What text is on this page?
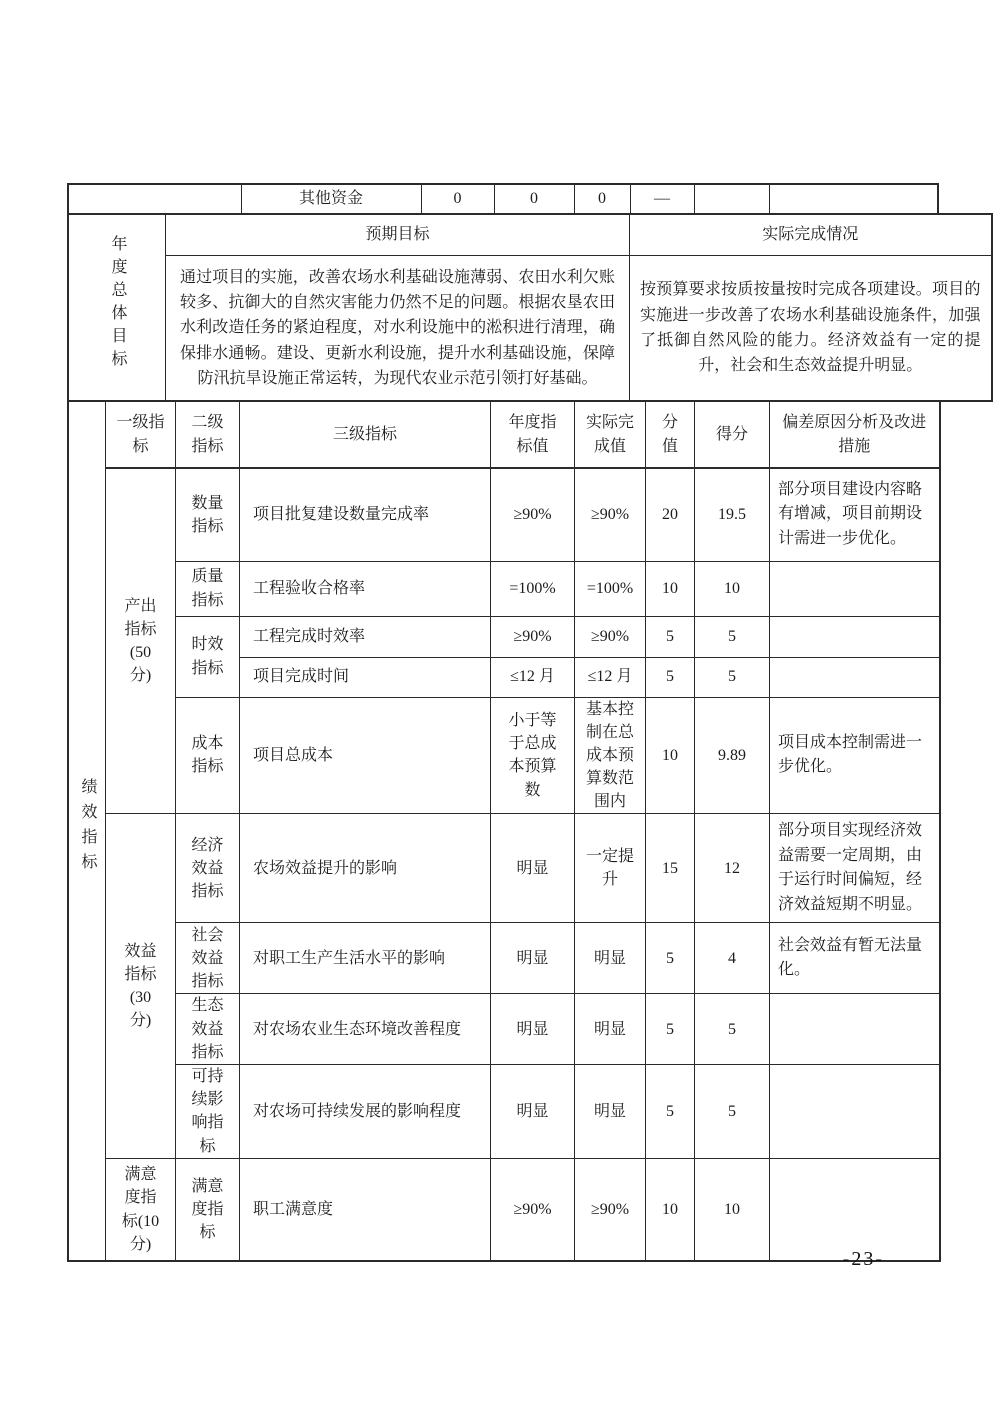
	其他资金	0	0	0	—		
年度总体目标	预期目标	实际完成情况
	通过项目的实施，改善农场水利基础设施薄弱、农田水利欠账较多、抗御大的自然灾害能力仍然不足的问题。根据农垦农田水利改造任务的紧迫程度，对水利设施中的淞积进行清理，确保排水通畅。建设、更新水利设施，提升水利基础设施，保障防汛抗旱设施正常运转，为现代农业示范引领打好基础。	按预算要求按质按量按时完成各项建设。项目的实施进一步改善了农场水利基础设施条件，加强了抵御自然风险的能力。经济效益有一定的提升，社会和生态效益提升明显。
绩效指标	一级指标	二级指标	三级指标	年度指标值	实际完成值	分值	得分	偏差原因分析及改进措施
	产出指标(50分)	数量指标	项目批复建设数量完成率	≥90%	≥90%	20	19.5	部分项目建设内容略有增减，项目前期设计需进一步优化。
		质量指标	工程验收合格率	=100%	=100%	10	10	
		时效指标	工程完成时效率	≥90%	≥90%	5	5	
			项目完成时间	≤12 月	≤12 月	5	5	
		成本指标	项目总成本	小于等于总成本预算数	基本控制在总成本预算数范围内	10	9.89	项目成本控制需进一步优化。
	效益指标(30分)	经济效益指标	农场效益提升的影响	明显	一定提升	15	12	部分项目实现经济效益需要一定周期，由于运行时间偏短，经济效益短期不明显。
		社会效益指标	对职工生产生活水平的影响	明显	明显	5	4	社会效益有暂无法量化。
		生态效益指标	对农场农业生态环境改善程度	明显	明显	5	5	
		可持续影响指标	对农场可持续发展的影响程度	明显	明显	5	5	
	满意度指标(10分)	满意度指标	职工满意度	≥90%	≥90%	10	10	
-23-
